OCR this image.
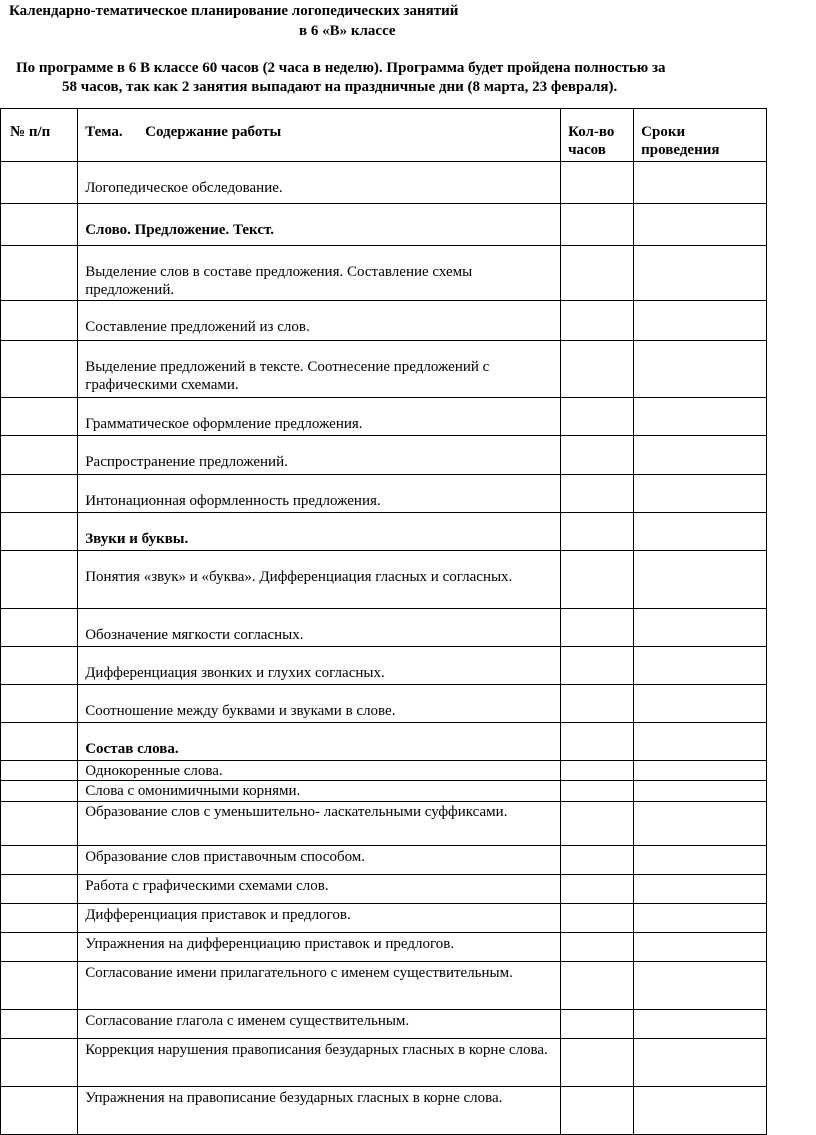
Календарно-тематическое планирование логопедических занятий
в 6 «В» классе
По программе в 6 В классе 60 часов (2 часа в неделю). Программа будет пройдена полностью за
58 часов, так как 2 занятия выпадают на праздничные дни (8 марта, 23 февраля).
№ п/п	Тема.      Содержание работы	Кол-во часов	Сроки проведения
	Логопедическое обследование.		
	Слово. Предложение. Текст.		
	Выделение слов в составе предложения. Составление схемы предложений.		
	Составление предложений из слов.		
	Выделение предложений в тексте. Соотнесение предложений с графическими схемами.		
	Грамматическое оформление предложения.		
	Распространение предложений.		
	Интонационная оформленность предложения.		
	Звуки и буквы.		
	Понятия «звук» и «буква». Дифференциация гласных и согласных.		
	Обозначение мягкости согласных.		
	Дифференциация звонких и глухих согласных.		
	Соотношение между буквами и звуками в слове.		
	Состав слова.		
	Однокоренные слова.		
	Слова с омонимичными корнями.		
	Образование слов с уменьшительно- ласкательными суффиксами.		
	Образование слов приставочным способом.		
	Работа с графическими схемами слов.		
	Дифференциация приставок и предлогов.		
	Упражнения на дифференциацию приставок и предлогов.		
	Согласование имени прилагательного с именем существительным.		
	Согласование глагола с именем существительным.		
	Коррекция нарушения правописания безударных гласных в корне слова.		
	Упражнения на правописание безударных гласных в корне слова.		
